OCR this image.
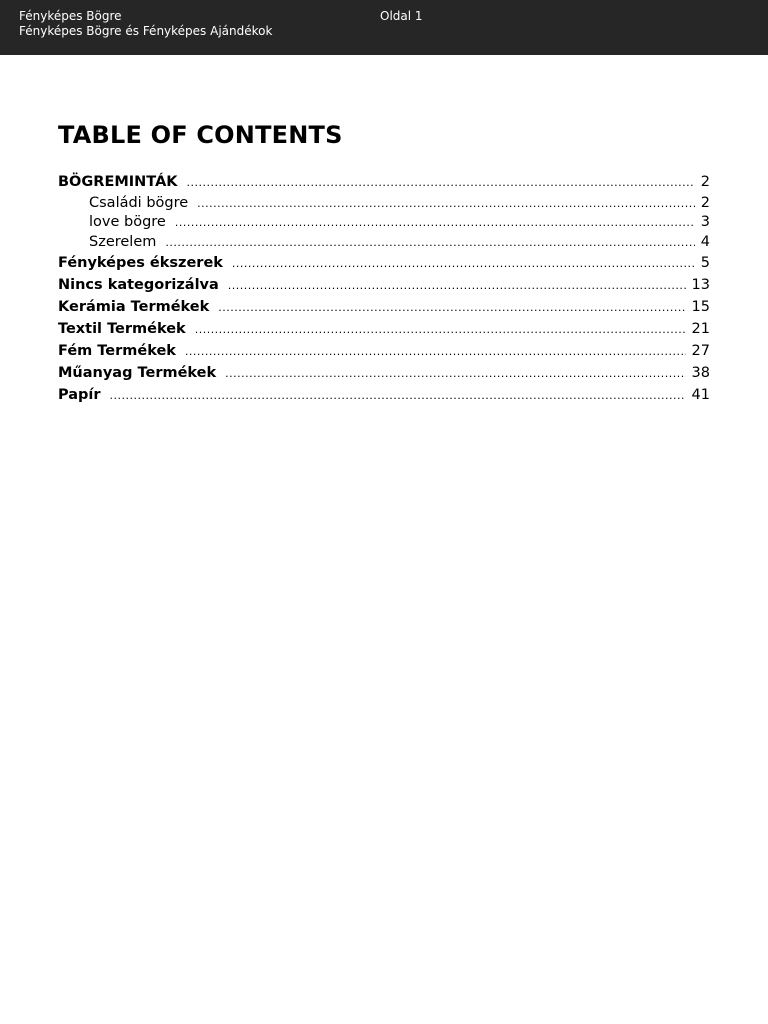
Fényképes Bögre
Fényképes Bögre és Fényképes Ajándékok
Oldal 1
TABLE OF CONTENTS
BÖGREMINTÁK .....	2
Családi bögre .....	2
love bögre .....	3
Szerelem .....	4
Fényképes ékszerek .....	5
Nincs kategorizálva .....	13
Kerámia Termékek .....	15
Textil Termékek .....	21
Fém Termékek .....	27
Műanyag Termékek .....	38
Papír .....	41
